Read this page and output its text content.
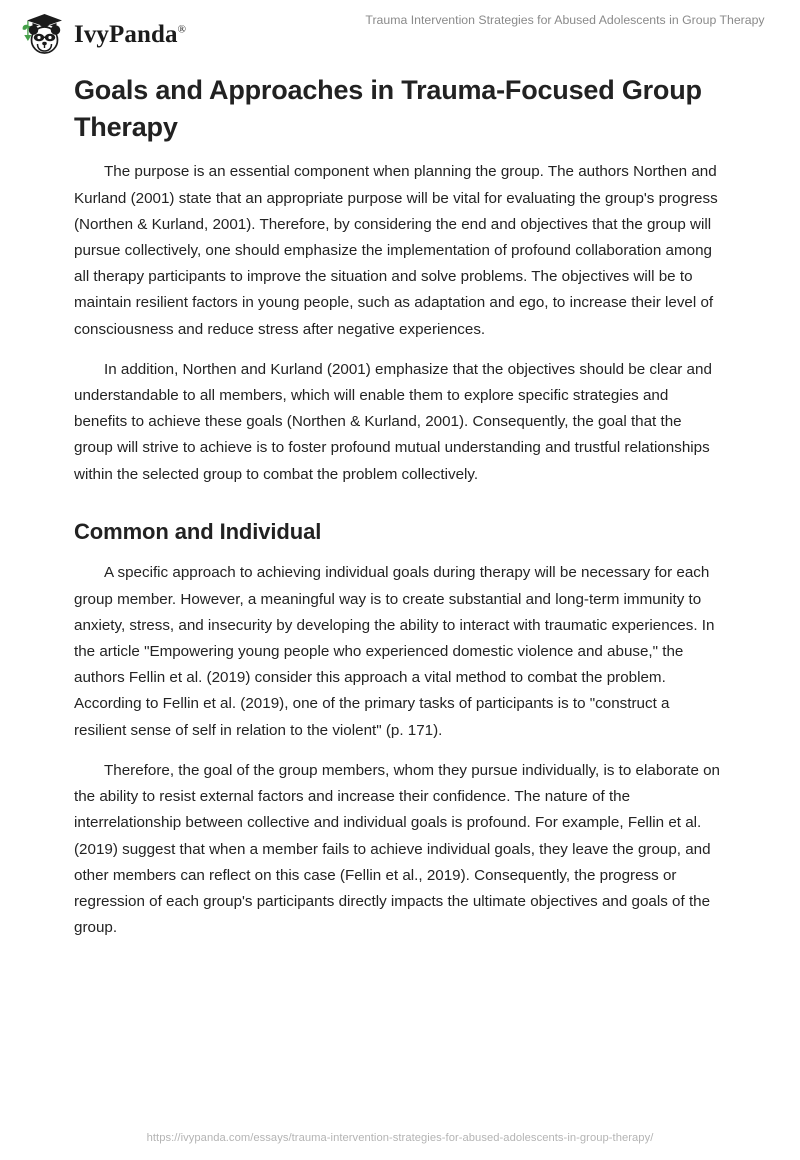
IvyPanda®
Trauma Intervention Strategies for Abused Adolescents in Group Therapy
Goals and Approaches in Trauma-Focused Group Therapy

The purpose is an essential component when planning the group. The authors Northen and Kurland (2001) state that an appropriate purpose will be vital for evaluating the group's progress (Northen & Kurland, 2001). Therefore, by considering the end and objectives that the group will pursue collectively, one should emphasize the implementation of profound collaboration among all therapy participants to improve the situation and solve problems. The objectives will be to maintain resilient factors in young people, such as adaptation and ego, to increase their level of consciousness and reduce stress after negative experiences.

In addition, Northen and Kurland (2001) emphasize that the objectives should be clear and understandable to all members, which will enable them to explore specific strategies and benefits to achieve these goals (Northen & Kurland, 2001). Consequently, the goal that the group will strive to achieve is to foster profound mutual understanding and trustful relationships within the selected group to combat the problem collectively.

Common and Individual

A specific approach to achieving individual goals during therapy will be necessary for each group member. However, a meaningful way is to create substantial and long-term immunity to anxiety, stress, and insecurity by developing the ability to interact with traumatic experiences. In the article "Empowering young people who experienced domestic violence and abuse," the authors Fellin et al. (2019) consider this approach a vital method to combat the problem. According to Fellin et al. (2019), one of the primary tasks of participants is to "construct a resilient sense of self in relation to the violent" (p. 171).

Therefore, the goal of the group members, whom they pursue individually, is to elaborate on the ability to resist external factors and increase their confidence. The nature of the interrelationship between collective and individual goals is profound. For example, Fellin et al. (2019) suggest that when a member fails to achieve individual goals, they leave the group, and other members can reflect on this case (Fellin et al., 2019). Consequently, the progress or regression of each group's participants directly impacts the ultimate objectives and goals of the group.

https://ivypanda.com/essays/trauma-intervention-strategies-for-abused-adolescents-in-group-therapy/
